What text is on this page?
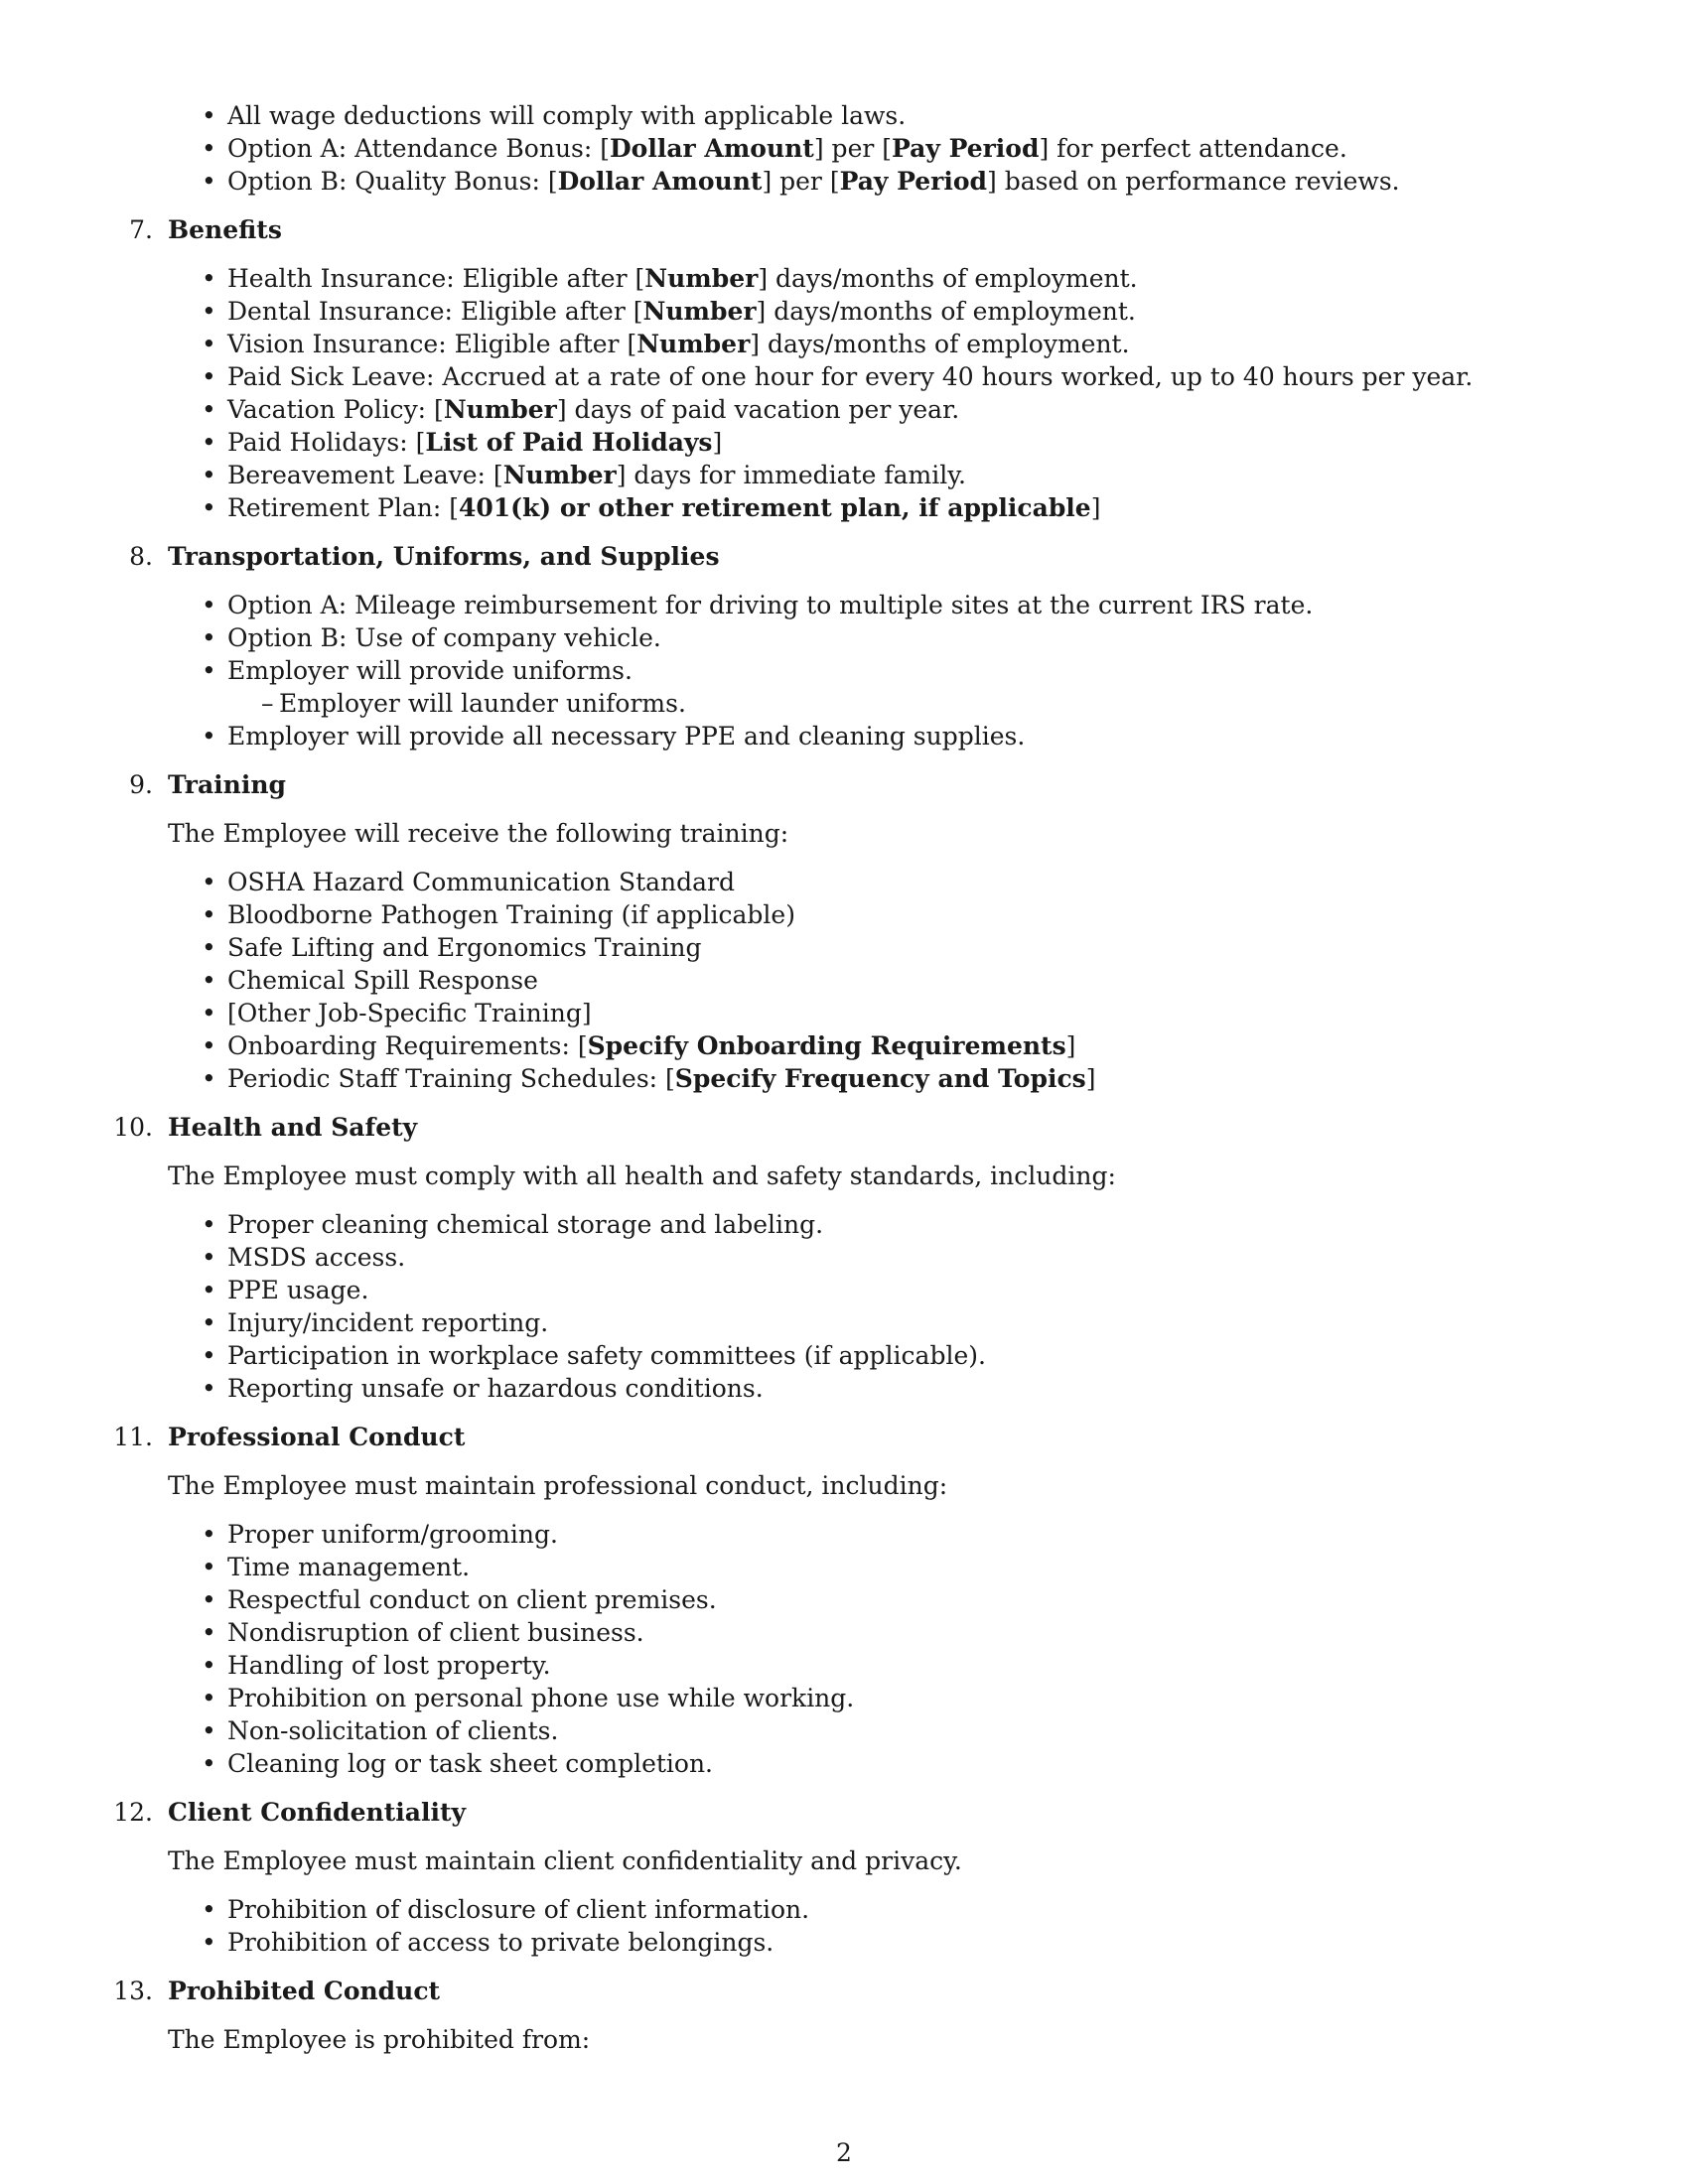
• All wage deductions will comply with applicable laws.
• Option A: Attendance Bonus: [Dollar Amount] per [Pay Period] for perfect attendance.
• Option B: Quality Bonus: [Dollar Amount] per [Pay Period] based on performance reviews.
7. Benefits
• Health Insurance: Eligible after [Number] days/months of employment.
• Dental Insurance: Eligible after [Number] days/months of employment.
• Vision Insurance: Eligible after [Number] days/months of employment.
• Paid Sick Leave: Accrued at a rate of one hour for every 40 hours worked, up to 40 hours per year.
• Vacation Policy: [Number] days of paid vacation per year.
• Paid Holidays: [List of Paid Holidays]
• Bereavement Leave: [Number] days for immediate family.
• Retirement Plan: [401(k) or other retirement plan, if applicable]
8. Transportation, Uniforms, and Supplies
• Option A: Mileage reimbursement for driving to multiple sites at the current IRS rate.
• Option B: Use of company vehicle.
• Employer will provide uniforms.
– Employer will launder uniforms.
• Employer will provide all necessary PPE and cleaning supplies.
9. Training
The Employee will receive the following training:
• OSHA Hazard Communication Standard
• Bloodborne Pathogen Training (if applicable)
• Safe Lifting and Ergonomics Training
• Chemical Spill Response
• [Other Job-Specific Training]
• Onboarding Requirements: [Specify Onboarding Requirements]
• Periodic Staff Training Schedules: [Specify Frequency and Topics]
10. Health and Safety
The Employee must comply with all health and safety standards, including:
• Proper cleaning chemical storage and labeling.
• MSDS access.
• PPE usage.
• Injury/incident reporting.
• Participation in workplace safety committees (if applicable).
• Reporting unsafe or hazardous conditions.
11. Professional Conduct
The Employee must maintain professional conduct, including:
• Proper uniform/grooming.
• Time management.
• Respectful conduct on client premises.
• Nondisruption of client business.
• Handling of lost property.
• Prohibition on personal phone use while working.
• Non-solicitation of clients.
• Cleaning log or task sheet completion.
12. Client Confidentiality
The Employee must maintain client confidentiality and privacy.
• Prohibition of disclosure of client information.
• Prohibition of access to private belongings.
13. Prohibited Conduct
The Employee is prohibited from:
2
